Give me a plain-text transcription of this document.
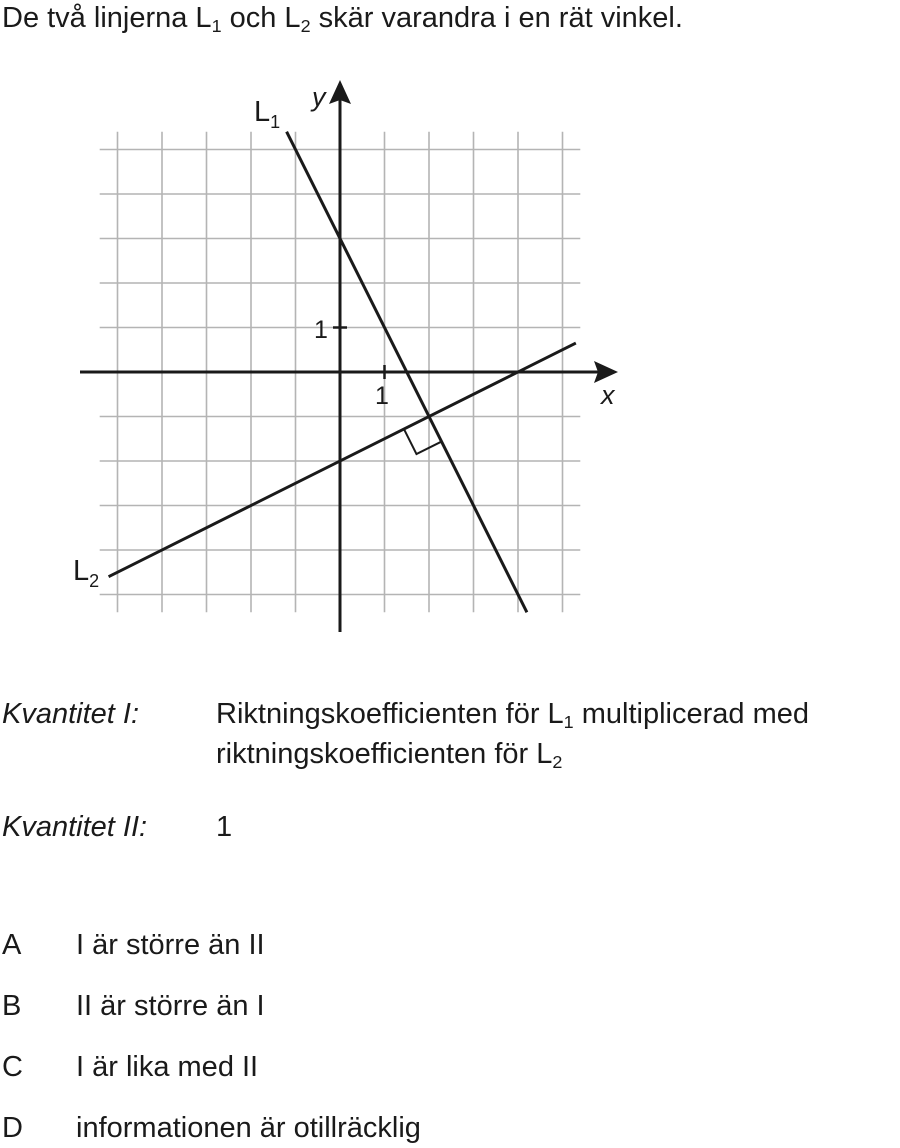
De två linjerna $L_1$ och $L_2$ skär varandra i en rät vinkel.
x
y
1
1
$L_1$
$L_2$
Kvantitet I:	Riktningskoefficienten för $L_1$ multiplicerad med
riktningskoefficienten för $L_2$
Kvantitet II: 1
A I är större än II
B II är större än I
C I är lika med II
D informationen är otillräcklig
